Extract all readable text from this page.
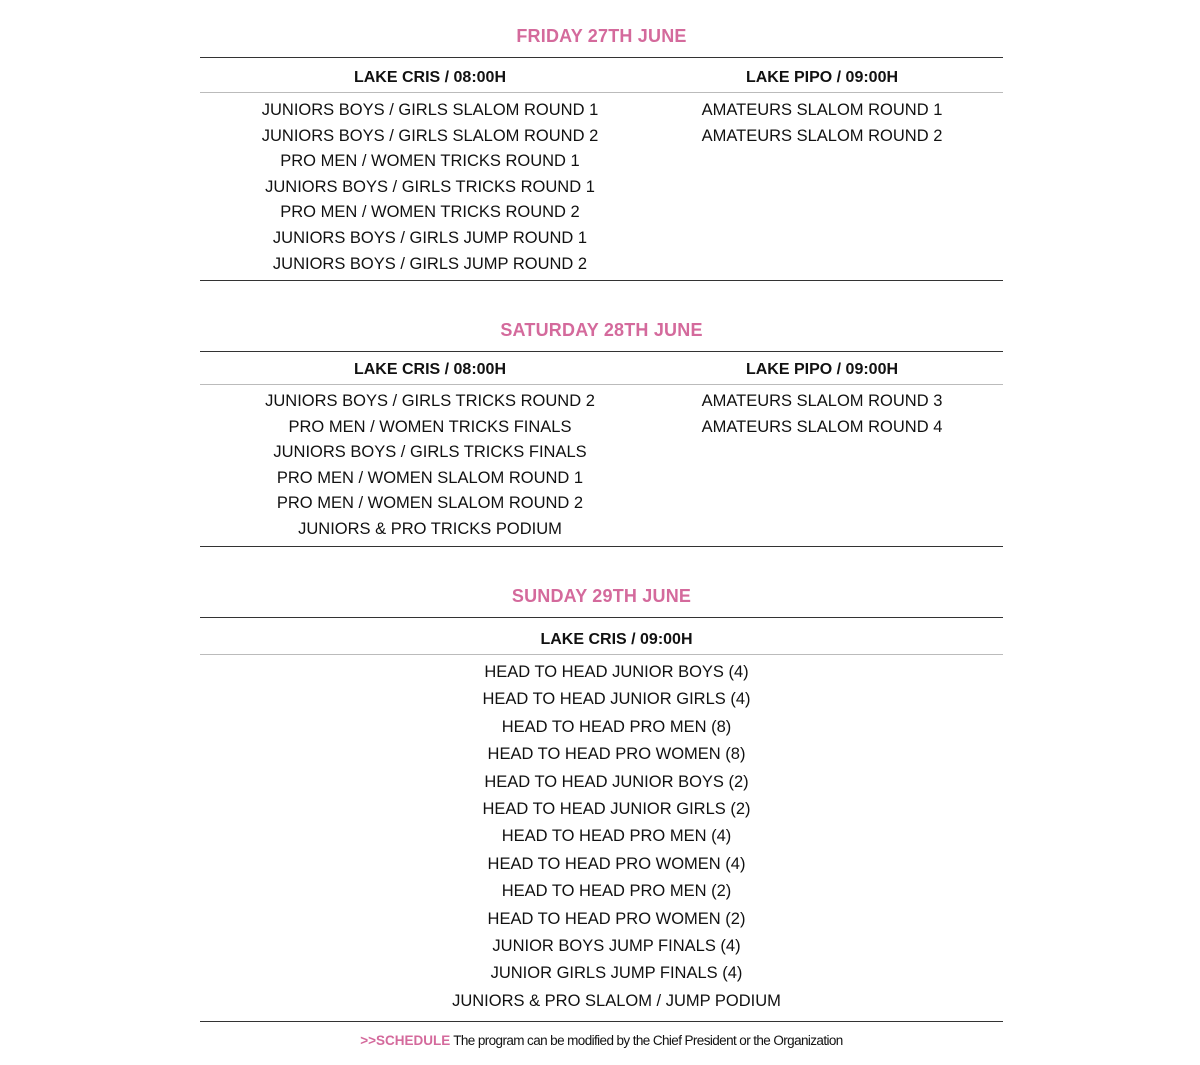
FRIDAY 27TH JUNE
LAKE CRIS / 08:00H	LAKE PIPO / 09:00H
JUNIORS BOYS / GIRLS SLALOM ROUND 1
JUNIORS BOYS / GIRLS SLALOM ROUND 2
PRO MEN / WOMEN TRICKS ROUND 1
JUNIORS BOYS / GIRLS TRICKS ROUND 1
PRO MEN / WOMEN TRICKS ROUND 2
JUNIORS BOYS / GIRLS JUMP ROUND 1
JUNIORS BOYS / GIRLS JUMP ROUND 2
AMATEURS SLALOM ROUND 1
AMATEURS SLALOM ROUND 2
SATURDAY 28TH JUNE
LAKE CRIS / 08:00H	LAKE PIPO / 09:00H
JUNIORS BOYS / GIRLS TRICKS ROUND 2
PRO MEN / WOMEN TRICKS FINALS
JUNIORS BOYS / GIRLS TRICKS FINALS
PRO MEN / WOMEN SLALOM ROUND 1
PRO MEN / WOMEN SLALOM ROUND 2
JUNIORS & PRO TRICKS PODIUM
AMATEURS SLALOM ROUND 3
AMATEURS SLALOM ROUND 4
SUNDAY 29TH JUNE
LAKE CRIS / 09:00H
HEAD TO HEAD JUNIOR BOYS (4)
HEAD TO HEAD JUNIOR GIRLS (4)
HEAD TO HEAD PRO MEN (8)
HEAD TO HEAD PRO WOMEN (8)
HEAD TO HEAD JUNIOR BOYS (2)
HEAD TO HEAD JUNIOR GIRLS (2)
HEAD TO HEAD PRO MEN (4)
HEAD TO HEAD PRO WOMEN (4)
HEAD TO HEAD PRO MEN (2)
HEAD TO HEAD PRO WOMEN (2)
JUNIOR BOYS JUMP FINALS (4)
JUNIOR GIRLS JUMP FINALS (4)
JUNIORS & PRO SLALOM / JUMP PODIUM
>>SCHEDULE The program can be modified by the Chief President or the Organization
